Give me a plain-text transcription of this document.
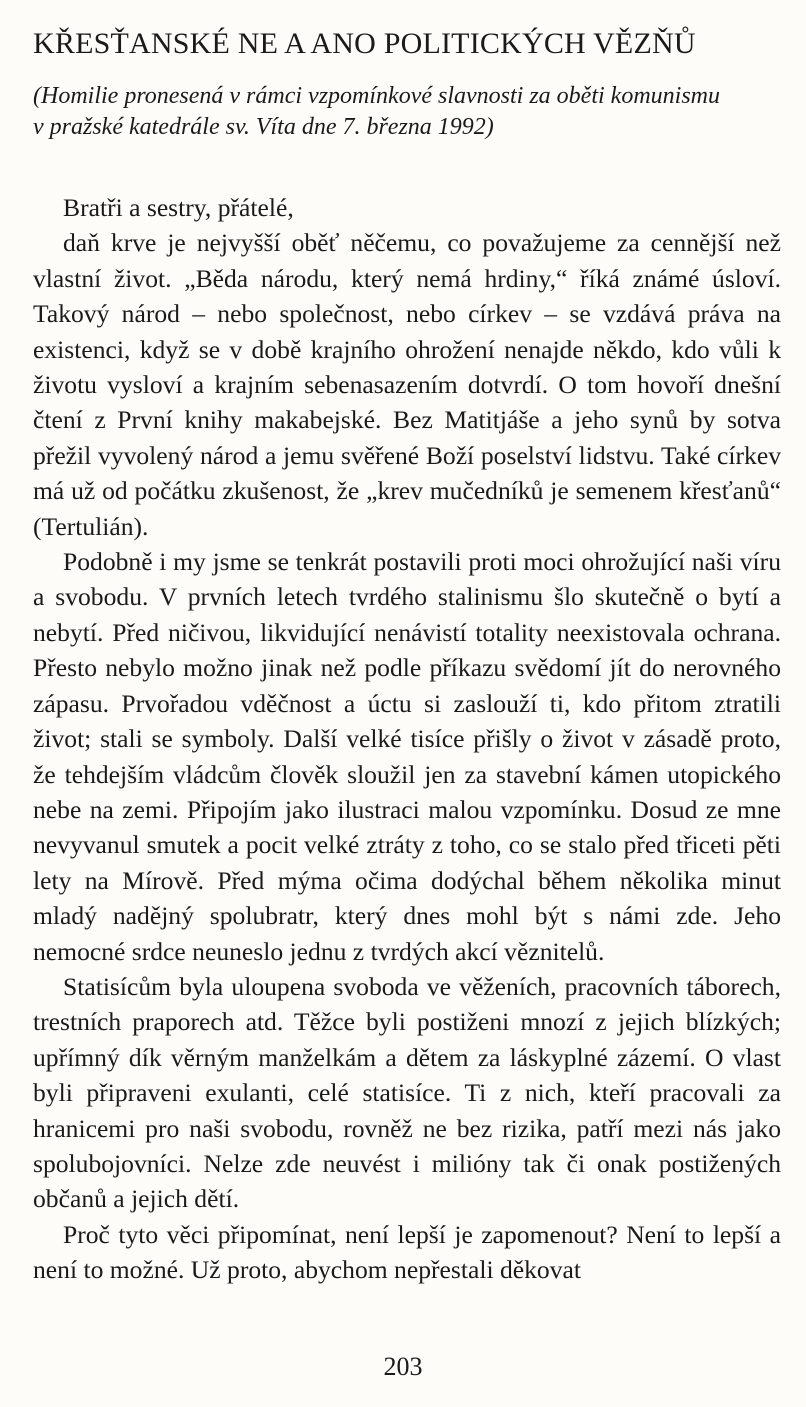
KŘESŤANSKÉ NE A ANO POLITICKÝCH VĚZŇŮ
(Homilie pronesená v rámci vzpomínkové slavnosti za oběti komunismu
v pražské katedrále sv. Víta dne 7. března 1992)

Bratři a sestry, přátelé,

daň krve je nejvyšší oběť něčemu, co považujeme za cennější než vlastní život. „Běda národu, který nemá hrdiny,“ říká známé úsloví. Takový národ – nebo společnost, nebo církev – se vzdává práva na existenci, když se v době krajního ohrožení nenajde někdo, kdo vůli k životu vysloví a krajním sebenasazením dotvrdí. O tom hovoří dnešní čtení z První knihy makabejské. Bez Matitjáše a jeho synů by sotva přežil vyvolený národ a jemu svěřené Boží poselství lidstvu. Také církev má už od počátku zkušenost, že „krev mučedníků je semenem křesťanů“ (Tertulián).

Podobně i my jsme se tenkrát postavili proti moci ohrožující naši víru a svobodu. V prvních letech tvrdého stalinismu šlo skutečně o bytí a nebytí. Před ničivou, likvidující nenávistí totality neexistovala ochrana. Přesto nebylo možno jinak než podle příkazu svědomí jít do nerovného zápasu. Prvořadou vděčnost a úctu si zaslouží ti, kdo přitom ztratili život; stali se symboly. Další velké tisíce přišly o život v zásadě proto, že tehdejším vládcům člověk sloužil jen za stavební kámen utopického nebe na zemi. Připojím jako ilustraci malou vzpomínku. Dosud ze mne nevyvanul smutek a pocit velké ztráty z toho, co se stalo před třiceti pěti lety na Mírově. Před mýma očima dodýchal během několika minut mladý nadějný spolubratr, který dnes mohl být s námi zde. Jeho nemocné srdce neuneslo jednu z tvrdých akcí věznitelů.

Statisícům byla uloupena svoboda ve věženích, pracovních táborech, trestních praporech atd. Těžce byli postiženi mnozí z jejich blízkých; upřímný dík věrným manželkám a dětem za láskyplné zázemí. O vlast byli připraveni exulanti, celé statisíce. Ti z nich, kteří pracovali za hranicemi pro naši svobodu, rovněž ne bez rizika, patří mezi nás jako spolubojovníci. Nelze zde neuvést i milióny tak či onak postižených občanů a jejich dětí.

Proč tyto věci připomínat, není lepší je zapomenout? Není to lepší a není to možné. Už proto, abychom nepřestali děkovat

203
